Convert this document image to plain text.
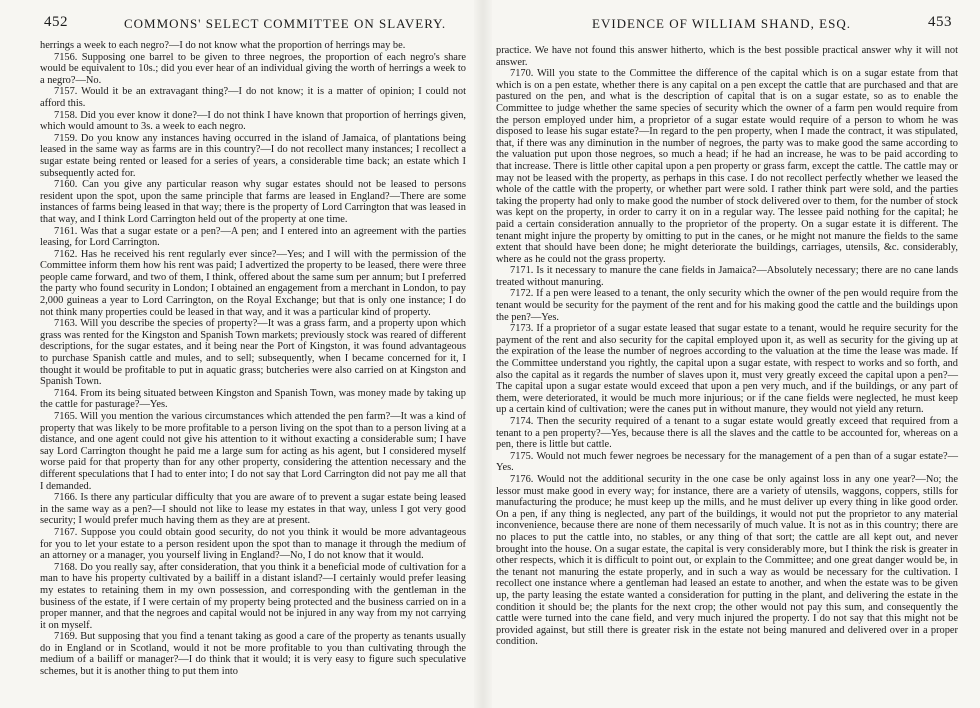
452	COMMONS' SELECT COMMITTEE ON SLAVERY.

herrings a week to each negro?—I do not know what the proportion of herrings may be.

7156. Supposing one barrel to be given to three negroes, the proportion of each negro's share would be equivalent to 10s.; did you ever hear of an individual giving the worth of herrings a week to a negro?—No.

7157. Would it be an extravagant thing?—I do not know; it is a matter of opinion; I could not afford this.

7158. Did you ever know it done?—I do not think I have known that proportion of herrings given, which would amount to 3s. a week to each negro.

7159. Do you know any instances having occurred in the island of Jamaica, of plantations being leased in the same way as farms are in this country?—I do not recollect many instances; I recollect a sugar estate being rented or leased for a series of years, a considerable time back; an estate which I subsequently acted for.

7160. Can you give any particular reason why sugar estates should not be leased to persons resident upon the spot, upon the same principle that farms are leased in England?—There are some instances of farms being leased in that way; there is the property of Lord Carrington that was leased in that way, and I think Lord Carrington held out of the property at one time.

7161. Was that a sugar estate or a pen?—A pen; and I entered into an agreement with the parties leasing, for Lord Carrington.

7162. Has he received his rent regularly ever since?—Yes; and I will with the permission of the Committee inform them how his rent was paid; I advertized the property to be leased, there were three people came forward, and two of them, I think, offered about the same sum per annum; but I preferred the party who found security in London; I obtained an engagement from a merchant in London, to pay 2,000 guineas a year to Lord Carrington, on the Royal Exchange; but that is only one instance; I do not think many properties could be leased in that way, and it was a particular kind of property.

7163. Will you describe the species of property?—It was a grass farm, and a property upon which grass was rented for the Kingston and Spanish Town markets; previously stock was reared of different descriptions, for the sugar estates, and it being near the Port of Kingston, it was found advantageous to purchase Spanish cattle and mules, and to sell; subsequently, when I became concerned for it, I thought it would be profitable to put in aquatic grass; butcheries were also carried on at Kingston and Spanish Town.

7164. From its being situated between Kingston and Spanish Town, was money made by taking up the cattle for pasturage?—Yes.

7165. Will you mention the various circumstances which attended the pen farm?—It was a kind of property that was likely to be more profitable to a person living on the spot than to a person living at a distance, and one agent could not give his attention to it without exacting a considerable sum; I have say Lord Carrington thought he paid me a large sum for acting as his agent, but I considered myself worse paid for that property than for any other property, considering the attention necessary and the different speculations that I had to enter into; I do not say that Lord Carrington did not pay me all that I demanded.

7166. Is there any particular difficulty that you are aware of to prevent a sugar estate being leased in the same way as a pen?—I should not like to lease my estates in that way, unless I got very good security; I would prefer much having them as they are at present.

7167. Suppose you could obtain good security, do not you think it would be more advantageous for you to let your estate to a person resident upon the spot than to manage it through the medium of an attorney or a manager, you yourself living in England?—No, I do not know that it would.

7168. Do you really say, after consideration, that you think it a beneficial mode of cultivation for a man to have his property cultivated by a bailiff in a distant island?—I certainly would prefer leasing my estates to retaining them in my own possession, and corresponding with the gentleman in the business of the estate, if I were certain of my property being protected and the business carried on in a proper manner, and that the negroes and capital would not be injured in any way from my not carrying it on myself.

7169. But supposing that you find a tenant taking as good a care of the property as tenants usually do in England or in Scotland, would it not be more profitable to you than cultivating through the medium of a bailiff or manager?—I do think that it would; it is very easy to figure such speculative schemes, but it is another thing to put them into

EVIDENCE OF WILLIAM SHAND, ESQ.	453

practice. We have not found this answer hitherto, which is the best possible practical answer why it will not answer.

7170. Will you state to the Committee the difference of the capital which is on a sugar estate from that which is on a pen estate, whether there is any capital on a pen except the cattle that are purchased and that are pastured on the pen, and what is the description of capital that is on a sugar estate, so as to enable the Committee to judge whether the same species of security which the owner of a farm pen would require from the person employed under him, a proprietor of a sugar estate would require of a person to whom he was disposed to lease his sugar estate?—In regard to the pen property, when I made the contract, it was stipulated, that, if there was any diminution in the number of negroes, the party was to make good the same according to the valuation put upon those negroes, so much a head; if he had an increase, he was to be paid according to that increase. There is little other capital upon a pen property or grass farm, except the cattle. The cattle may or may not be leased with the property, as perhaps in this case. I do not recollect perfectly whether we leased the whole of the cattle with the property, or whether part were sold. I rather think part were sold, and the parties taking the property had only to make good the number of stock delivered over to them, for the number of stock was kept on the property, in order to carry it on in a regular way. The lessee paid nothing for the capital; he paid a certain consideration annually to the proprietor of the property. On a sugar estate it is different. The tenant might injure the property by omitting to put in the canes, or he might not manure the fields to the same extent that should have been done; he might deteriorate the buildings, carriages, utensils, &c. considerably, where as he could not the grass property.

7171. Is it necessary to manure the cane fields in Jamaica?—Absolutely necessary; there are no cane lands treated without manuring.

7172. If a pen were leased to a tenant, the only security which the owner of the pen would require from the tenant would be security for the payment of the rent and for his making good the cattle and the buildings upon the pen?—Yes.

7173. If a proprietor of a sugar estate leased that sugar estate to a tenant, would he require security for the payment of the rent and also security for the capital employed upon it, as well as security for the giving up at the expiration of the lease the number of negroes according to the valuation at the time the lease was made. If the Committee understand you rightly, the capital upon a sugar estate, with respect to works and so forth, and also the capital as it regards the number of slaves upon it, must very greatly exceed the capital upon a pen?—The capital upon a sugar estate would exceed that upon a pen very much, and if the buildings, or any part of them, were deteriorated, it would be much more injurious; or if the cane fields were neglected, he must keep up a certain kind of cultivation; were the canes put in without manure, they would not yield any return.

7174. Then the security required of a tenant to a sugar estate would greatly exceed that required from a tenant to a pen property?—Yes, because there is all the slaves and the cattle to be accounted for, whereas on a pen, there is little but cattle.

7175. Would not much fewer negroes be necessary for the management of a pen than of a sugar estate?—Yes.

7176. Would not the additional security in the one case be only against loss in any one year?—No; the lessor must make good in every way; for instance, there are a variety of utensils, waggons, coppers, stills for manufacturing the produce; he must keep up the mills, and he must deliver up every thing in like good order. On a pen, if any thing is neglected, any part of the buildings, it would not put the proprietor to any material inconvenience, because there are none of them necessarily of much value. It is not as in this country; there are no places to put the cattle into, no stables, or any thing of that sort; the cattle are all kept out, and never brought into the house. On a sugar estate, the capital is very considerably more, but I think the risk is greater in other respects, which it is difficult to point out, or explain to the Committee; and one great danger would be, in the tenant not manuring the estate properly, and in such a way as would be necessary for the cultivation. I recollect one instance where a gentleman had leased an estate to another, and when the estate was to be given up, the party leasing the estate wanted a consideration for putting in the plant, and delivering the estate in the condition it should be; the plants for the next crop; the other would not pay this sum, and consequently the cattle were turned into the cane field, and very much injured the property. I do not say that this might not be provided against, but still there is greater risk in the estate not being manured and delivered over in a proper condition.
